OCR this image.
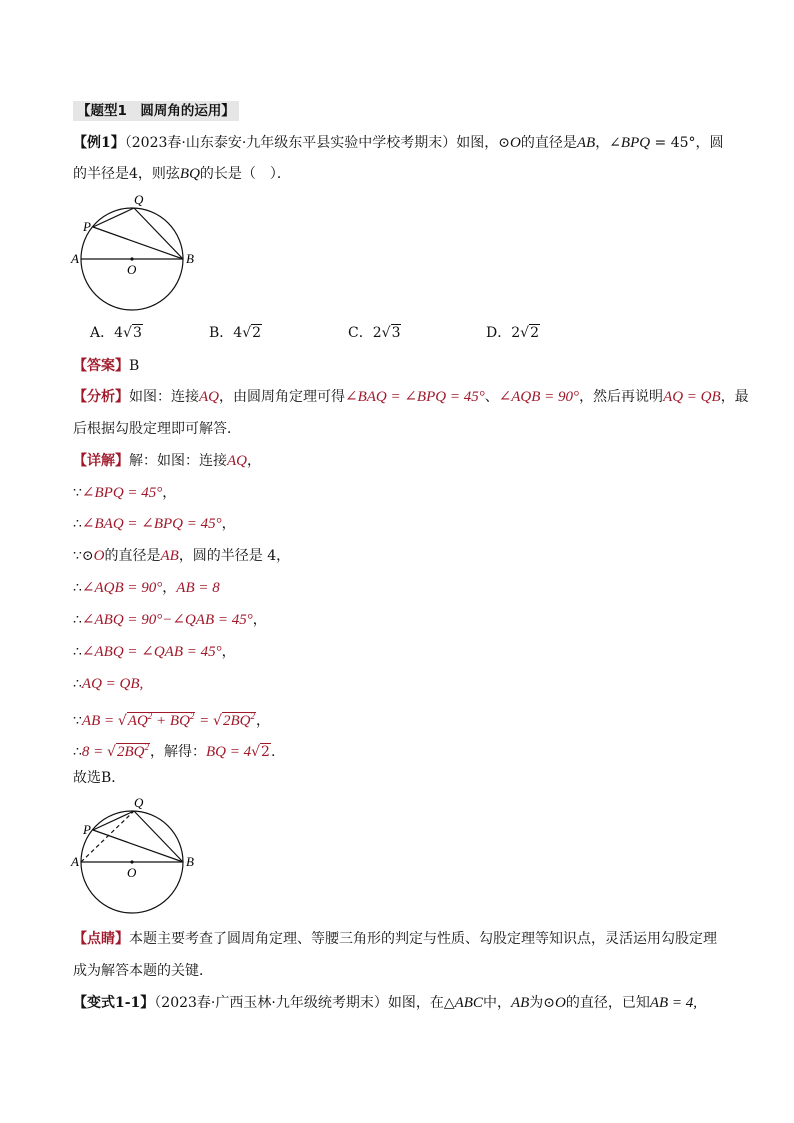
【题型1　圆周角的运用】
【例1】（2023春·山东泰安·九年级东平县实验中学校考期末）如图，⊙O的直径是AB，∠BPQ = 45°，圆
的半径是4，则弦BQ的长是（　）．
Q
P
A	B
O
A．4√3	B．4√2	C．2√3	D．2√2
【答案】B
【分析】如图：连接AQ，由圆周角定理可得∠BAQ = ∠BPQ = 45°、∠AQB = 90°，然后再说明AQ = QB，最
后根据勾股定理即可解答．
【详解】解：如图：连接AQ，
∵∠BPQ = 45°，
∴∠BAQ = ∠BPQ = 45°，
∵⊙O的直径是AB，圆的半径是 4，
∴∠AQB = 90°，AB = 8
∴∠ABQ = 90°−∠QAB = 45°，
∴∠ABQ = ∠QAB = 45°，
∴AQ = QB,
∵AB = $√AQ^2 + BQ^2 = √2BQ^2$，
∴8 = $√2BQ^2$，解得：BQ = 4√2.
故选B．
Q
P
A	B
O
【点睛】本题主要考查了圆周角定理、等腰三角形的判定与性质、勾股定理等知识点，灵活运用勾股定理
成为解答本题的关键．
【变式1-1】（2023春·广西玉林·九年级统考期末）如图，在△ABC中，AB为⊙O的直径，已知AB = 4,
